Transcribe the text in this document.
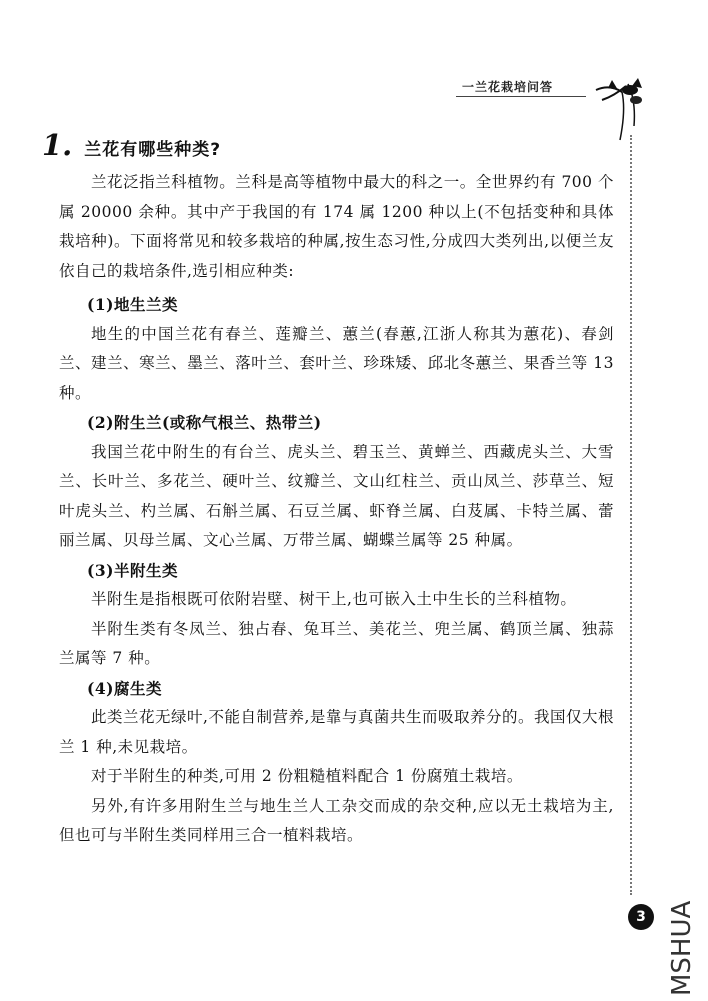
一兰花栽培问答
1. 兰花有哪些种类?

兰花泛指兰科植物。兰科是高等植物中最大的科之一。全世界约有 700 个属 20000 余种。其中产于我国的有 174 属 1200 种以上(不包括变种和具体栽培种)。下面将常见和较多栽培的种属,按生态习性,分成四大类列出,以便兰友依自己的栽培条件,选引相应种类:

(1)地生兰类

地生的中国兰花有春兰、莲瓣兰、蕙兰(春蕙,江浙人称其为蕙花)、春剑兰、建兰、寒兰、墨兰、落叶兰、套叶兰、珍珠矮、邱北冬蕙兰、果香兰等 13 种。

(2)附生兰(或称气根兰、热带兰)

我国兰花中附生的有台兰、虎头兰、碧玉兰、黄蝉兰、西藏虎头兰、大雪兰、长叶兰、多花兰、硬叶兰、纹瓣兰、文山红柱兰、贡山凤兰、莎草兰、短叶虎头兰、杓兰属、石斛兰属、石豆兰属、虾脊兰属、白芨属、卡特兰属、蕾丽兰属、贝母兰属、文心兰属、万带兰属、蝴蝶兰属等 25 种属。

(3)半附生类

半附生是指根既可依附岩壁、树干上,也可嵌入土中生长的兰科植物。

半附生类有冬凤兰、独占春、兔耳兰、美花兰、兜兰属、鹤顶兰属、独蒜兰属等 7 种。

(4)腐生类

此类兰花无绿叶,不能自制营养,是靠与真菌共生而吸取养分的。我国仅大根兰 1 种,未见栽培。

对于半附生的种类,可用 2 份粗糙植料配合 1 份腐殖土栽培。

另外,有许多用附生兰与地生兰人工杂交而成的杂交种,应以无土栽培为主,但也可与半附生类同样用三合一植料栽培。

3 MSHUA
